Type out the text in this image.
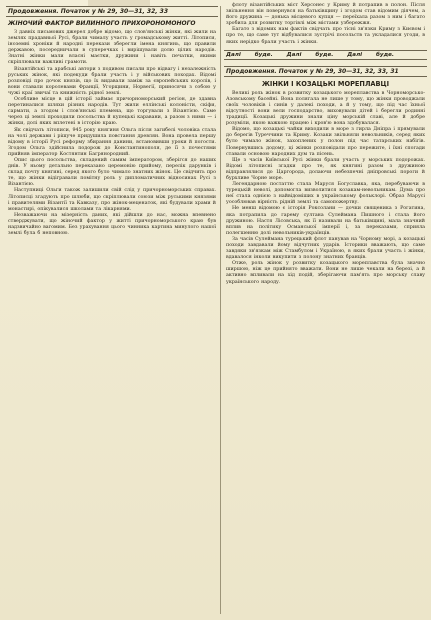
Продовження. Початок у № 29, 30—31, 32, 33
ЖІНОЧИЙ ФАКТОР ВИЛИННОГО ПРИХОРОНОМОНОГО

З давніх письмових джерел добре відомо, що слов'янські жінки, які жили на землях прадавньої Русі, брали чималу участь у громадському житті. Літописи, іноземні хроніки й народні перекази зберегли імена княгинь, що правили державою, посередничали в суперечках і вирішували долю цілих народів. Знатні жінки мали власні маєтки, дружини і навіть печатки, якими скріплювали важливі грамоти.

Візантійські та арабські автори з подивом писали про відвагу і незалежність руських жінок, які подекуди брали участь і у військових походах. Відомі розповіді про дочок князів, що їх видавали заміж за європейських королів, і вони ставали королевами Франції, Угорщини, Норвегії, приносячи з собою у чужі краї звичаї та книжність рідної землі.

Особливе місце в цій історії займає причорноморський регіон, де здавна перетиналися шляхи різних народів. Тут жили еллінські колоністи, скіфи, сармати, а згодом і слов'янські племена, що торгували з Візантією. Саме через ці землі проходили посольства й купецькі каравани, а разом з ними — і жінки, долі яких вплетені в історію краю.

Як свідчать літописи, 945 року княгиня Ольга після загибелі чоловіка стала на чолі держави і рішуче придушила повстання древлян. Вона провела першу відому в історії Русі реформу збирання данини, встановивши уроки й погости. Згодом Ольга здійснила подорож до Константинополя, де її з почестями прийняв імператор Костянтин Багрянородний.

Опис цього посольства, складений самим імператором, зберігся до наших днів. У ньому детально переказано церемонію прийому, перелік дарунків і склад почту княгині, серед якого було чимало знатних жінок. Це свідчить про те, що жінки відігравали помітну роль у дипломатичних відносинах Русі з Візантією.

Наступниці Ольги також залишили свій слід у причорноморських справах. Літописці згадують про шлюби, що скріплювали союзи між руськими князями і правителями Візантії та Кавказу, про жінок-меценаток, які будували храми й монастирі, опікувалися школами та лікарнями.

Незважаючи на мізерність даних, які дійшли до нас, можна впевнено стверджувати, що жіночий фактор у житті причорноморського краю був надзвичайно вагомим. Без урахування цього чинника картина минулого нашої землі була б неповною.

флоту візантійських міст Херсонес у Криму й потрапив в полон. Після звільнення він повернувся на батьківщину і згодом став відомим діячем, а його дружина — донька місцевого купця — переїхала разом з ним і багато зробила для розвитку торгівлі між містами узбережжя.

Багато з відомих нам фактів свідчать про тісні зв'язки Криму з Києвом і про те, що саме тут відбувалися зустрічі посольств та укладалися угоди, в яких нерідко брали участь і жінки.

Далі буде. Далі буде. Далі буде.
Продовження. Початок у № 29, 30—31, 32, 33, 31
ЖІНКИ І КОЗАЦЬКІ МОРЕПЛАВЦІ

Великі роль жінок в розвитку козацького мореплавства в Чорноморсько-Азовському басейні. Вона полягала не лише у тому, що жінки проводжали своїх чоловіків і синів у далекі походи, а й у тому, що під час їхньої відсутності вони вели господарство, виховували дітей і берегли родинні традиції. Козацькі дружини знали ціну морській славі, але й добре розуміли, якою важкою працею і кров'ю вона здобувалася.

Відомо, що козацькі чайки виходили в море з гирла Дніпра і прямували до берегів Туреччини та Криму. Козаки звільняли невольників, серед яких було чимало жінок, захоплених у полон під час татарських набігів. Повернувшись додому, ці жінки розповідали про пережите, і їхні спогади ставали основою народних дум та пісень.

Ще з часів Київської Русі жінки брали участь у морських подорожах. Відомі літописні згадки про те, як княгині разом з дружиною відправлялися до Царгорода, долаючи небезпечні дніпровські пороги й бурхливе Чорне море.

Легендарною постаттю стала Маруся Богуславка, яка, перебуваючи в турецькій неволі, допомогла визволитися козакам-невольникам. Дума про неї стала однією з найвідоміших в українському фольклорі. Образ Марусі уособлював вірність рідній землі та самопожертву.

Не менш відомою є історія Роксолани — дочки священика з Рогатина, яка потрапила до гарему султана Сулеймана Пишного і стала його дружиною. Настя Лісовська, як її називали на батьківщині, мала значний вплив на політику Османської імперії і, за переказами, сприяла полегшенню долі невольників-українців.

За часів Сулеймана турецький флот панував на Чорному морі, а козацькі походи завдавали йому відчутних ударів. Історики вважають, що саме завдяки зв'язкам між Стамбулом і Україною, в яких брали участь і жінки, вдавалося інколи викупити з полону знатних бранців.

Отже, роль жінок у розвитку козацького мореплавства була значно ширшою, ніж це прийнято вважати. Вони не лише чекали на березі, а й активно впливали на хід подій, зберігаючи пам'ять про морську славу українського народу.
